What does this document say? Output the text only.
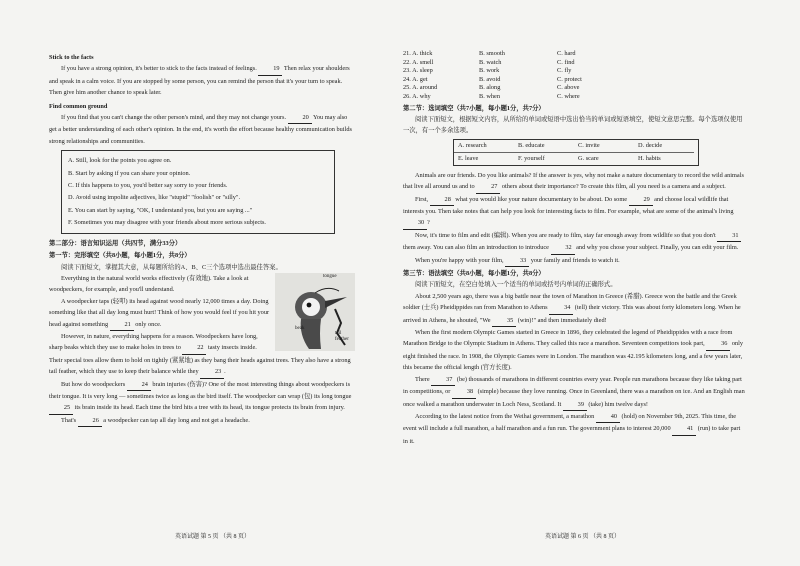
Stick to the facts

If you have a strong opinion, it's better to stick to the facts instead of feelings.	19 Then relax your shoulders and speak in a calm voice. If you are stopped by some person, you can remind the person that it's your turn to speak. Then give him another chance to speak later.

Find common ground

If you find that you can't change the other person's mind, and they may not change yours.	20 You may also get a better understanding of each other's opinion. In the end, it's worth the effort because healthy communication builds strong relationships and communities.

A. Still, look for the points you agree on.

B. Start by asking if you can share your opinion.

C. If this happens to you, you'd better say sorry to your friends.

D. Avoid using impolite adjectives, like "stupid" "foolish" or "silly".

E. You can start by saying, "OK, I understand you, but you are saying ..."

F. Sometimes you may disagree with your friends about more serious subjects.

第二部分：语言知识运用（共四节，满分33分）

第一节：完形填空（共8小题，每小题1分，共8分）

阅读下面短文，掌握其大意，从每题所给的A、B、C三个选项中选出最佳答案。

tongue
beak
tail feather

Everything in the natural world works effectively (有效地). Take a look at woodpeckers, for example, and you'll understand.

A woodpecker taps (轻叩) its head against wood nearly 12,000 times a day. Doing something like that all day long must hurt! Think of how you would feel if you hit your head against something	21 only once.

However, in nature, everything happens for a reason. Woodpeckers have long, sharp beaks which they use to make holes in trees to	22 tasty insects inside. Their special toes allow them to hold on tightly (紧紧地) as they bang their heads against trees. They also have a strong tail feather, which they use to keep their balance while they	23 .

But how do woodpeckers	24 brain injuries (伤害)? One of the most interesting things about woodpeckers is their tongue. It is very long — sometimes twice as long as the bird itself. The woodpecker can wrap (包) its long tongue 25 its brain inside its head. Each time the bird hits a tree with its head, its tongue protects its brain from injury.

That's	26 a woodpecker can tap all day long and not get a headache.

21. A. thick	B. smooth	C. hard
22. A. smell	B. watch	C. find
23. A. sleep	B. work	C. fly
24. A. get	B. avoid	C. protect
25. A. around	B. along	C. above
26. A. why	B. when	C. where

第二节：选词填空（共7小题，每小题1分，共7分）

阅读下面短文，根据短文内容，从所给的单词或短语中选出恰当的单词或短语填空，使短文意思完整。每个选项仅使用一次，有一个多余选项。

A. research	B. educate	C. invite	D. decide
E. leave	F. yourself	G. scare	H. habits

Animals are our friends. Do you like animals? If the answer is yes, why not make a nature documentary to record the wild animals that live all around us and to	27 others about their importance? To create this film, all you need is a camera and a subject.

First,	28 what you would like your nature documentary to be about. Do some	29 and choose local wildlife that interests you. Then take notes that can help you look for interesting facts to film. For example, what are some of the animal's living 30 ?

Now, it's time to film and edit (编辑). When you are ready to film, stay far enough away from wildlife so that you don't	31 them away. You can also film an introduction to introduce	32 and why you chose your subject. Finally, you can edit your film.

When you're happy with your film,	33 your family and friends to watch it.

第三节：语法填空（共8小题，每小题1分，共8分）

阅读下面短文，在空白处填入一个适当的单词或括号内单词的正确形式。

About 2,500 years ago, there was a big battle near the town of Marathon in Greece (希腊). Greece won the battle and the Greek soldier (士兵) Pheidippides ran from Marathon to Athens	34 (tell) their victory. This was about forty kilometers long. When he arrived in Athens, he shouted, "We	35 (win)!" and then immediately died!

When the first modern Olympic Games started in Greece in 1896, they celebrated the legend of Pheidippides with a race from Marathon Bridge to the Olympic Stadium in Athens. They called this race a marathon. Seventeen competitors took part,	36 only eight finished the race. In 1908, the Olympic Games were in London. The marathon was 42.195 kilometers long, and a few years later, this became the official length (官方长度).

There	37 (be) thousands of marathons in different countries every year. People run marathons because they like taking part in competitions, or	38 (simple) because they love running. Once in Greenland, there was a marathon on ice. And an English man once walked a marathon underwater in Loch Ness, Scotland. It	39 (take) him twelve days!

According to the latest notice from the Weihai government, a marathon	40 (hold) on November 9th, 2025. This time, the event will include a full marathon, a half marathon and a fun run. The government plans to interest 20,000	41 (run) to take part in it.

英语试题 第 5 页 （共 8 页）	英语试题 第 6 页 （共 8 页）
